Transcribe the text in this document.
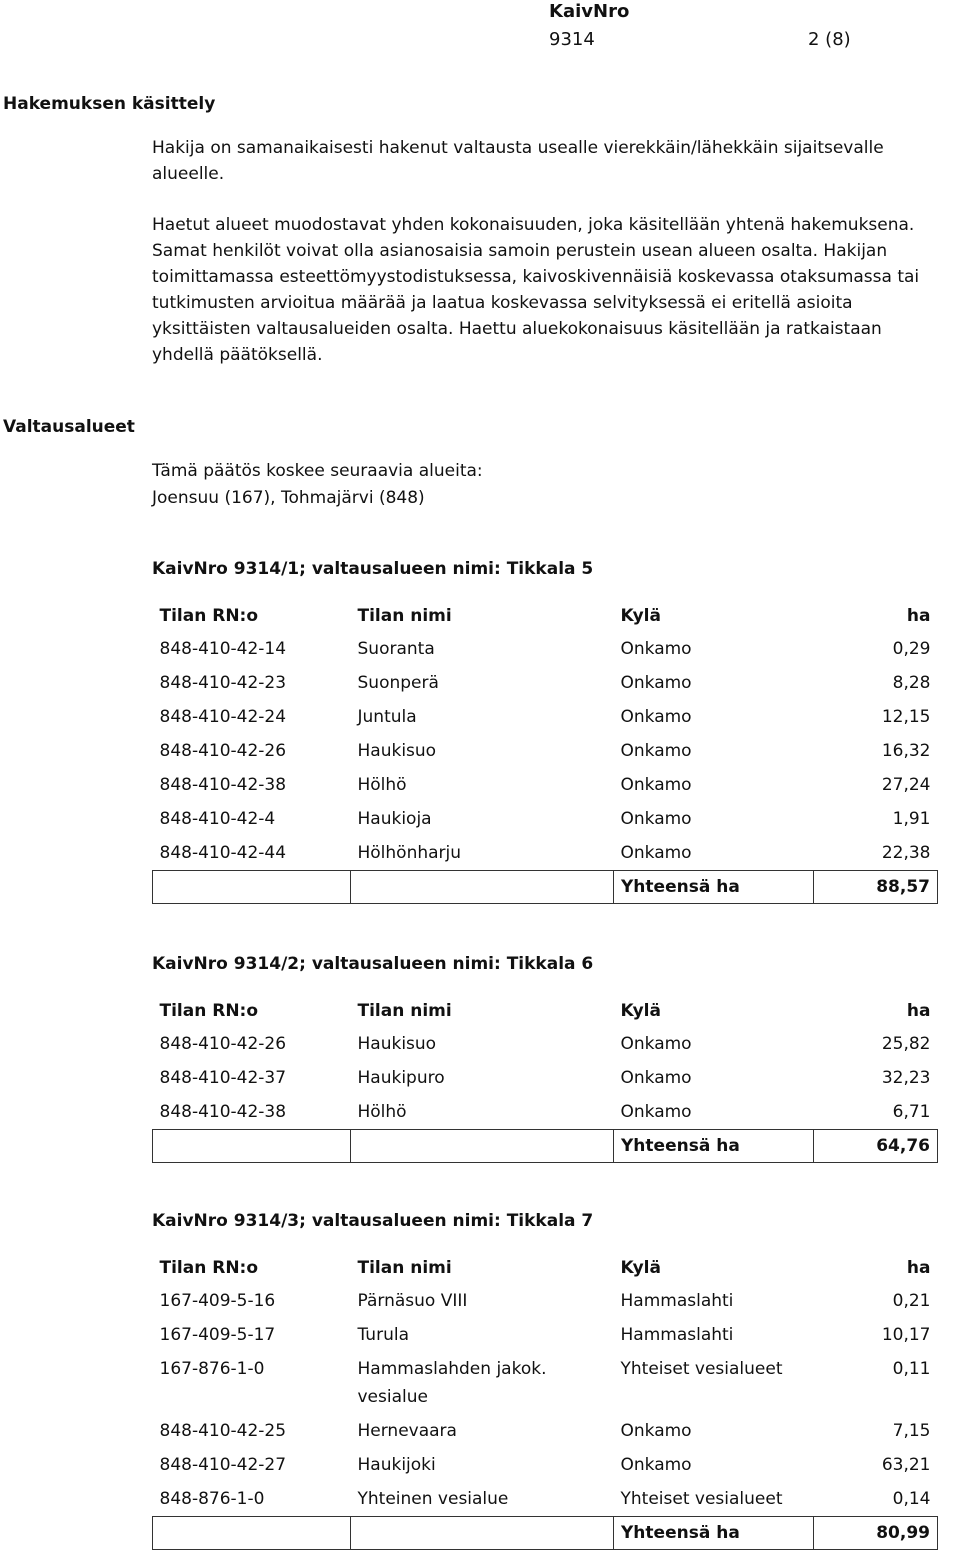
KaivNro
9314	2 (8)
Hakemuksen käsittely
Hakija on samanaikaisesti hakenut valtausta usealle vierekkäin/lähekkäin sijaitsevalle
alueelle.
Haetut alueet muodostavat yhden kokonaisuuden, joka käsitellään yhtenä hakemuksena.
Samat henkilöt voivat olla asianosaisia samoin perustein usean alueen osalta. Hakijan
toimittamassa esteettömyystodistuksessa, kaivoskivennäisiä koskevassa otaksumassa tai
tutkimusten arvioitua määrää ja laatua koskevassa selvityksessä ei eritellä asioita
yksittäisten valtausalueiden osalta. Haettu aluekokonaisuus käsitellään ja ratkaistaan
yhdellä päätöksellä.
Valtausalueet
Tämä päätös koskee seuraavia alueita:
Joensuu (167), Tohmajärvi (848)
KaivNro 9314/1; valtausalueen nimi: Tikkala 5
Tilan RN:o	Tilan nimi	Kylä	ha
848-410-42-14	Suoranta	Onkamo	0,29
848-410-42-23	Suonperä	Onkamo	8,28
848-410-42-24	Juntula	Onkamo	12,15
848-410-42-26	Haukisuo	Onkamo	16,32
848-410-42-38	Hölhö	Onkamo	27,24
848-410-42-4	Haukioja	Onkamo	1,91
848-410-42-44	Hölhönharju	Onkamo	22,38
		Yhteensä ha	88,57
KaivNro 9314/2; valtausalueen nimi: Tikkala 6
Tilan RN:o	Tilan nimi	Kylä	ha
848-410-42-26	Haukisuo	Onkamo	25,82
848-410-42-37	Haukipuro	Onkamo	32,23
848-410-42-38	Hölhö	Onkamo	6,71
		Yhteensä ha	64,76
KaivNro 9314/3; valtausalueen nimi: Tikkala 7
Tilan RN:o	Tilan nimi	Kylä	ha
167-409-5-16	Pärnäsuo VIII	Hammaslahti	0,21
167-409-5-17	Turula	Hammaslahti	10,17
167-876-1-0	Hammaslahden jakok.
vesialue	Yhteiset vesialueet	0,11
848-410-42-25	Hernevaara	Onkamo	7,15
848-410-42-27	Haukijoki	Onkamo	63,21
848-876-1-0	Yhteinen vesialue	Yhteiset vesialueet	0,14
		Yhteensä ha	80,99
